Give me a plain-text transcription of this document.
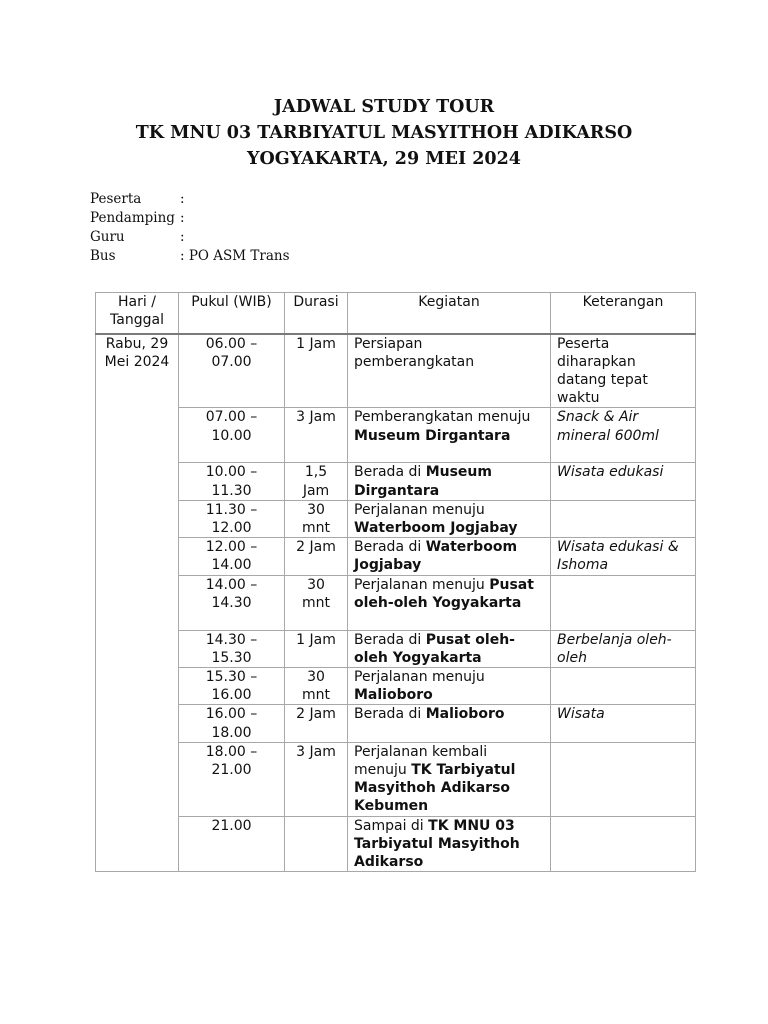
JADWAL STUDY TOUR
TK MNU 03 TARBIYATUL MASYITHOH ADIKARSO
YOGYAKARTA, 29 MEI 2024
Peserta	:
Pendamping :
Guru	:
Bus	: PO ASM Trans
Hari / Tanggal	Pukul (WIB)	Durasi	Kegiatan	Keterangan
Rabu, 29 Mei 2024	06.00 – 07.00	1 Jam	Persiapan pemberangkatan	Peserta diharapkan datang tepat waktu
	07.00 – 10.00	3 Jam	Pemberangkatan menuju Museum Dirgantara	Snack & Air mineral 600ml
	10.00 – 11.30	1,5 Jam	Berada di Museum Dirgantara	Wisata edukasi
	11.30 – 12.00	30 mnt	Perjalanan menuju Waterboom Jogjabay	
	12.00 – 14.00	2 Jam	Berada di Waterboom Jogjabay	Wisata edukasi & Ishoma
	14.00 – 14.30	30 mnt	Perjalanan menuju Pusat oleh-oleh Yogyakarta	
	14.30 – 15.30	1 Jam	Berada di Pusat oleh-oleh Yogyakarta	Berbelanja oleh-oleh
	15.30 – 16.00	30 mnt	Perjalanan menuju Malioboro	
	16.00 – 18.00	2 Jam	Berada di Malioboro	Wisata
	18.00 – 21.00	3 Jam	Perjalanan kembali menuju TK Tarbiyatul Masyithoh Adikarso Kebumen	
	21.00		Sampai di TK MNU 03 Tarbiyatul Masyithoh Adikarso	
